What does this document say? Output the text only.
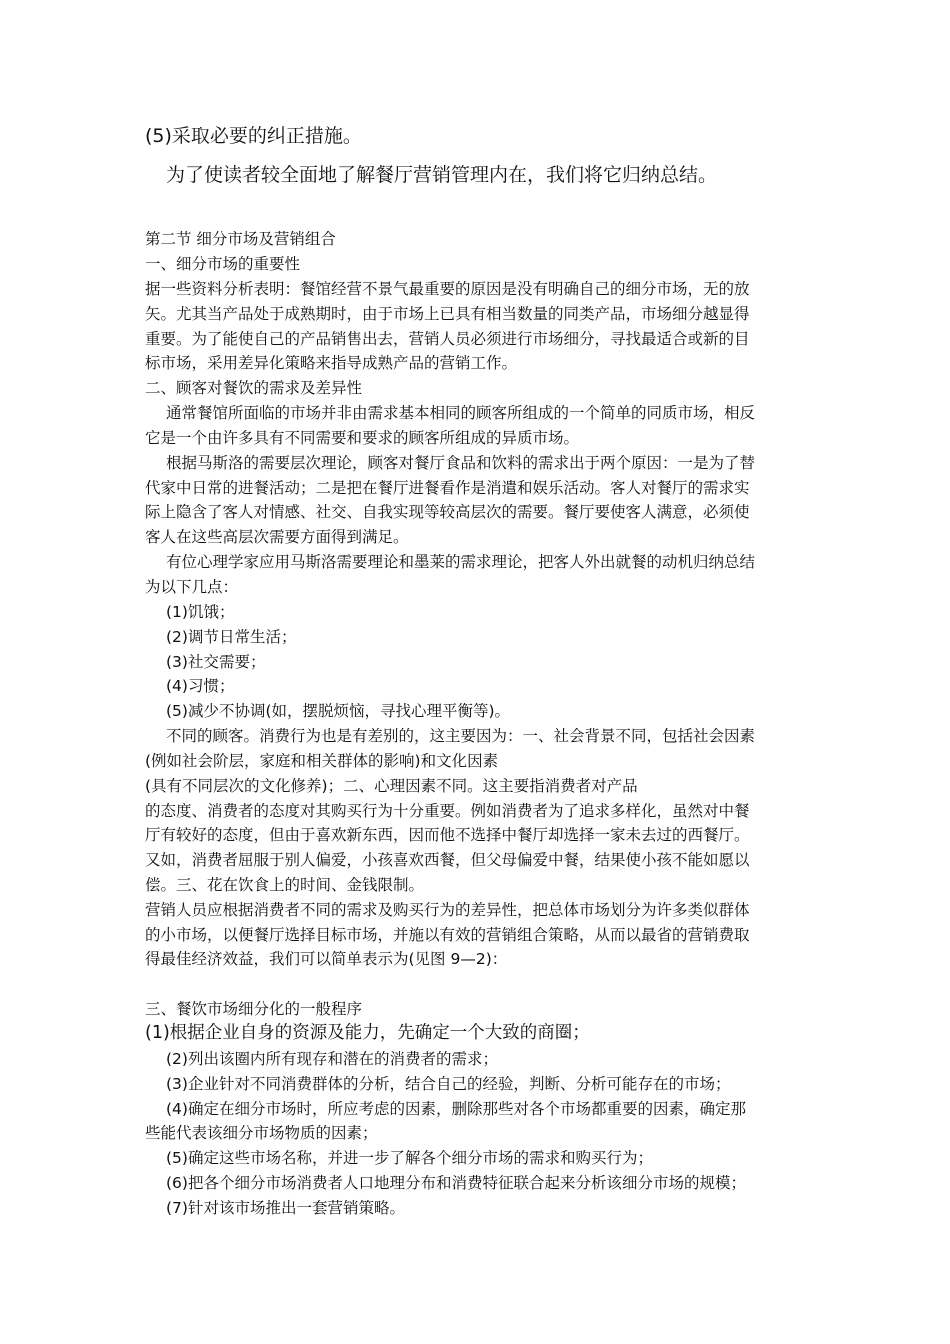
(5)采取必要的纠正措施。
为了使读者较全面地了解餐厅营销管理内在，我们将它归纳总结。
第二节 细分市场及营销组合
一、细分市场的重要性
据一些资料分析表明：餐馆经营不景气最重要的原因是没有明确自己的细分市场，无的放
矢。尤其当产品处于成熟期时，由于市场上已具有相当数量的同类产品，市场细分越显得
重要。为了能使自己的产品销售出去，营销人员必须进行市场细分，寻找最适合或新的目
标市场，采用差异化策略来指导成熟产品的营销工作。
二、顾客对餐饮的需求及差异性
通常餐馆所面临的市场并非由需求基本相同的顾客所组成的一个简单的同质市场，相反
它是一个由许多具有不同需要和要求的顾客所组成的异质市场。
根据马斯洛的需要层次理论，顾客对餐厅食品和饮料的需求出于两个原因：一是为了替
代家中日常的进餐活动；二是把在餐厅进餐看作是消遣和娱乐活动。客人对餐厅的需求实
际上隐含了客人对情感、社交、自我实现等较高层次的需要。餐厅要使客人满意，必须使
客人在这些高层次需要方面得到满足。
有位心理学家应用马斯洛需要理论和墨莱的需求理论，把客人外出就餐的动机归纳总结
为以下几点：
(1)饥饿；
(2)调节日常生活；
(3)社交需要；
(4)习惯；
(5)减少不协调(如，摆脱烦恼，寻找心理平衡等)。
不同的顾客。消费行为也是有差别的，这主要因为：一、社会背景不同，包括社会因素
(例如社会阶层，家庭和相关群体的影响)和文化因素
(具有不同层次的文化修养)；二、心理因素不同。这主要指消费者对产品
的态度、消费者的态度对其购买行为十分重要。例如消费者为了追求多样化，虽然对中餐
厅有较好的态度，但由于喜欢新东西，因而他不选择中餐厅却选择一家未去过的西餐厅。
又如，消费者屈服于别人偏爱，小孩喜欢西餐，但父母偏爱中餐，结果使小孩不能如愿以
偿。三、花在饮食上的时间、金钱限制。
营销人员应根据消费者不同的需求及购买行为的差异性，把总体市场划分为许多类似群体
的小市场，以便餐厅选择目标市场，并施以有效的营销组合策略，从而以最省的营销费取
得最佳经济效益，我们可以简单表示为(见图 9—2)：
三、餐饮市场细分化的一般程序
(1)根据企业自身的资源及能力，先确定一个大致的商圈；
(2)列出该圈内所有现存和潜在的消费者的需求；
(3)企业针对不同消费群体的分析，结合自己的经验，判断、分析可能存在的市场；
(4)确定在细分市场时，所应考虑的因素，删除那些对各个市场都重要的因素，确定那
些能代表该细分市场物质的因素；
(5)确定这些市场名称，并进一步了解各个细分市场的需求和购买行为；
(6)把各个细分市场消费者人口地理分布和消费特征联合起来分析该细分市场的规模；
(7)针对该市场推出一套营销策略。
